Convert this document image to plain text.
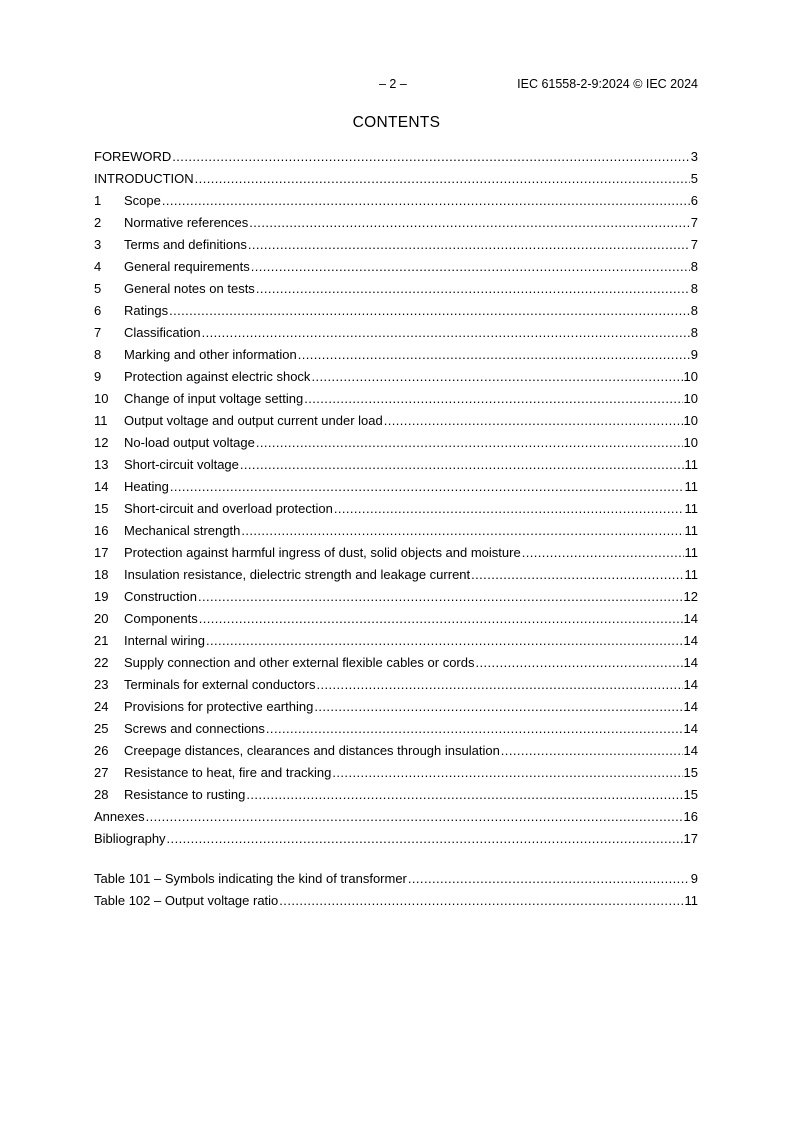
– 2 –	IEC 61558-2-9:2024 © IEC 2024
CONTENTS
FOREWORD .....	3
INTRODUCTION .....	5
1	Scope .....	6
2	Normative references .....	7
3	Terms and definitions .....	7
4	General requirements .....	8
5	General notes on tests .....	8
6	Ratings .....	8
7	Classification .....	8
8	Marking and other information .....	9
9	Protection against electric shock .....	10
10	Change of input voltage setting .....	10
11	Output voltage and output current under load .....	10
12	No-load output voltage .....	10
13	Short-circuit voltage .....	11
14	Heating .....	11
15	Short-circuit and overload protection .....	11
16	Mechanical strength .....	11
17	Protection against harmful ingress of dust, solid objects and moisture .....	11
18	Insulation resistance, dielectric strength and leakage current .....	11
19	Construction .....	12
20	Components .....	14
21	Internal wiring .....	14
22	Supply connection and other external flexible cables or cords .....	14
23	Terminals for external conductors .....	14
24	Provisions for protective earthing .....	14
25	Screws and connections .....	14
26	Creepage distances, clearances and distances through insulation .....	14
27	Resistance to heat, fire and tracking .....	15
28	Resistance to rusting .....	15
Annexes .....	16
Bibliography .....	17
Table 101 – Symbols indicating the kind of transformer .....	9
Table 102 – Output voltage ratio .....	11
